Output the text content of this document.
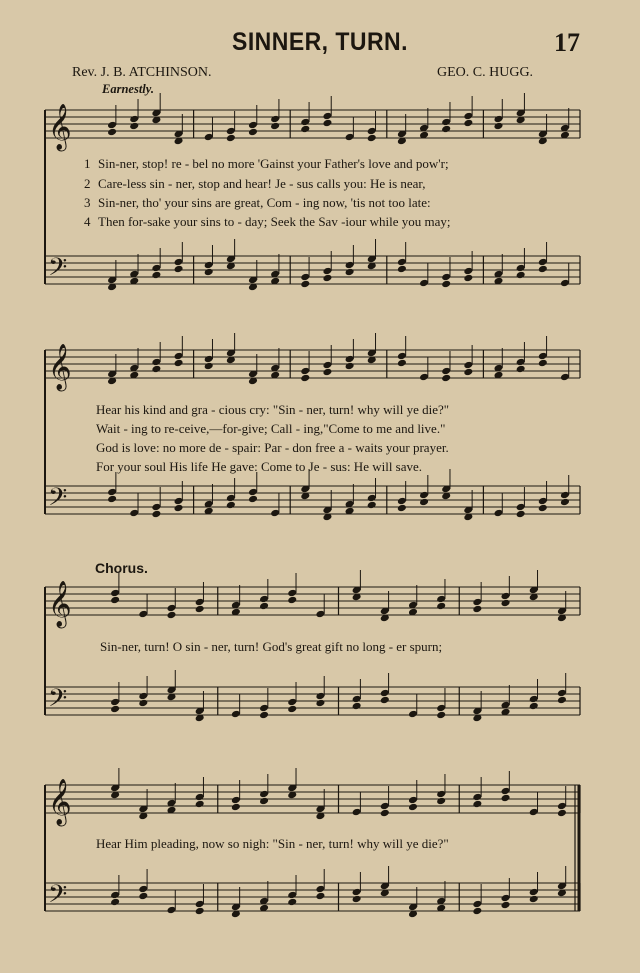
SINNER, TURN.	17
Rev. J. B. ATCHINSON.	GEO. C. HUGG.
Earnestly.
𝄞
𝄢
𝄞
𝄢
𝄞
𝄢
𝄞
𝄢
1 Sin-ner, stop! re - bel no more 'Gainst your Father's love and pow'r;
2 Care-less sin - ner, stop and hear! Je - sus calls you: He is near,
3 Sin-ner, tho' your sins are great, Com - ing now, 'tis not too late:
4 Then for-sake your sins to - day; Seek the Sav -iour while you may;
Hear his kind and gra - cious cry: "Sin - ner, turn! why will ye die?"
Wait - ing to re-ceive,—for-give; Call - ing,"Come to me and live."
God is love: no more de - spair: Par - don free a - waits your prayer.
For your soul His life He gave: Come to Je - sus: He will save.
Chorus.
Sin-ner, turn! O sin - ner, turn! God's great gift no long - er spurn;
Hear Him pleading, now so nigh: "Sin - ner, turn! why will ye die?"
